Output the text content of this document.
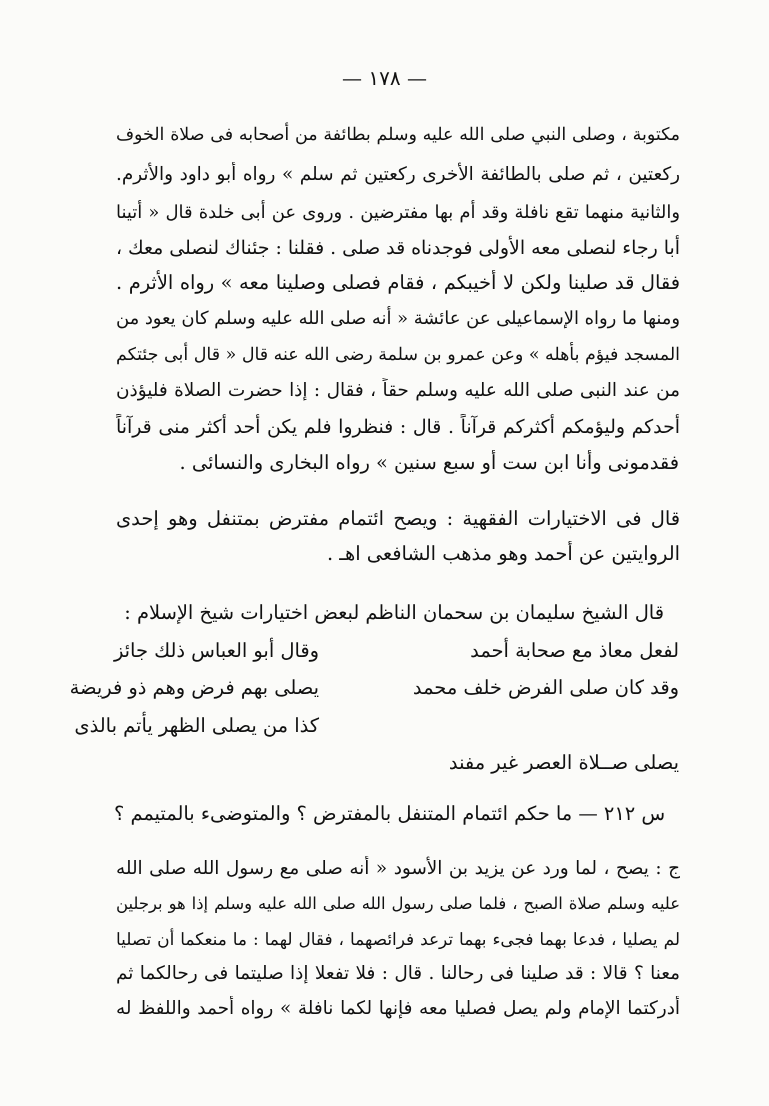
— ١٧٨ —
مكتوبة ، وصلى النبي صلى الله عليه وسلم بطائفة من أصحابه فى صلاة الخوف
ركعتين ، ثم صلى بالطائفة الأخرى ركعتين ثم سلم » رواه أبو داود والأثرم.
والثانية منهما تقع نافلة وقد أم بها مفترضين . وروى عن أبى خلدة قال « أتينا
أبا رجاء لنصلى معه الأولى فوجدناه قد صلى . فقلنا : جئناك لنصلى معك ،
فقال قد صلينا ولكن لا أخيبكم ، فقام فصلى وصلينا معه » رواه الأثرم .
ومنها ما رواه الإسماعيلى عن عائشة « أنه صلى الله عليه وسلم كان يعود من
المسجد فيؤم بأهله » وعن عمرو بن سلمة رضى الله عنه قال « قال أبى جئتكم
من عند النبى صلى الله عليه وسلم حقاً ، فقال : إذا حضرت الصلاة فليؤذن
أحدكم وليؤمكم أكثركم قرآناً . قال : فنظروا فلم يكن أحد أكثر منى قرآناً
فقدمونى وأنا ابن ست أو سبع سنين » رواه البخارى والنسائى .
قال فى الاختيارات الفقهية : ويصح ائتمام مفترض بمتنفل وهو إحدى
الروايتين عن أحمد وهو مذهب الشافعى اهـ .
قال الشيخ سليمان بن سحمان الناظم لبعض اختيارات شيخ الإسلام :
وقال أبو العباس ذلك جائز	لفعل معاذ مع صحابة أحمد
يصلى بهم فرض وهم ذو فريضة	وقد كان صلى الفرض خلف محمد
كذا من يصلى الظهر يأتم بالذى
يصلى صــلاة العصر غير مفند
س ٢١٢ — ما حكم ائتمام المتنفل بالمفترض ؟ والمتوضىء بالمتيمم ؟
ج : يصح ، لما ورد عن يزيد بن الأسود « أنه صلى مع رسول الله صلى الله
عليه وسلم صلاة الصبح ، فلما صلى رسول الله صلى الله عليه وسلم إذا هو برجلين
لم يصليا ، فدعا بهما فجىء بهما ترعد فرائصهما ، فقال لهما : ما منعكما أن تصليا
معنا ؟ قالا : قد صلينا فى رحالنا . قال : فلا تفعلا إذا صليتما فى رحالكما ثم
أدركتما الإمام ولم يصل فصليا معه فإنها لكما نافلة » رواه أحمد واللفظ له
